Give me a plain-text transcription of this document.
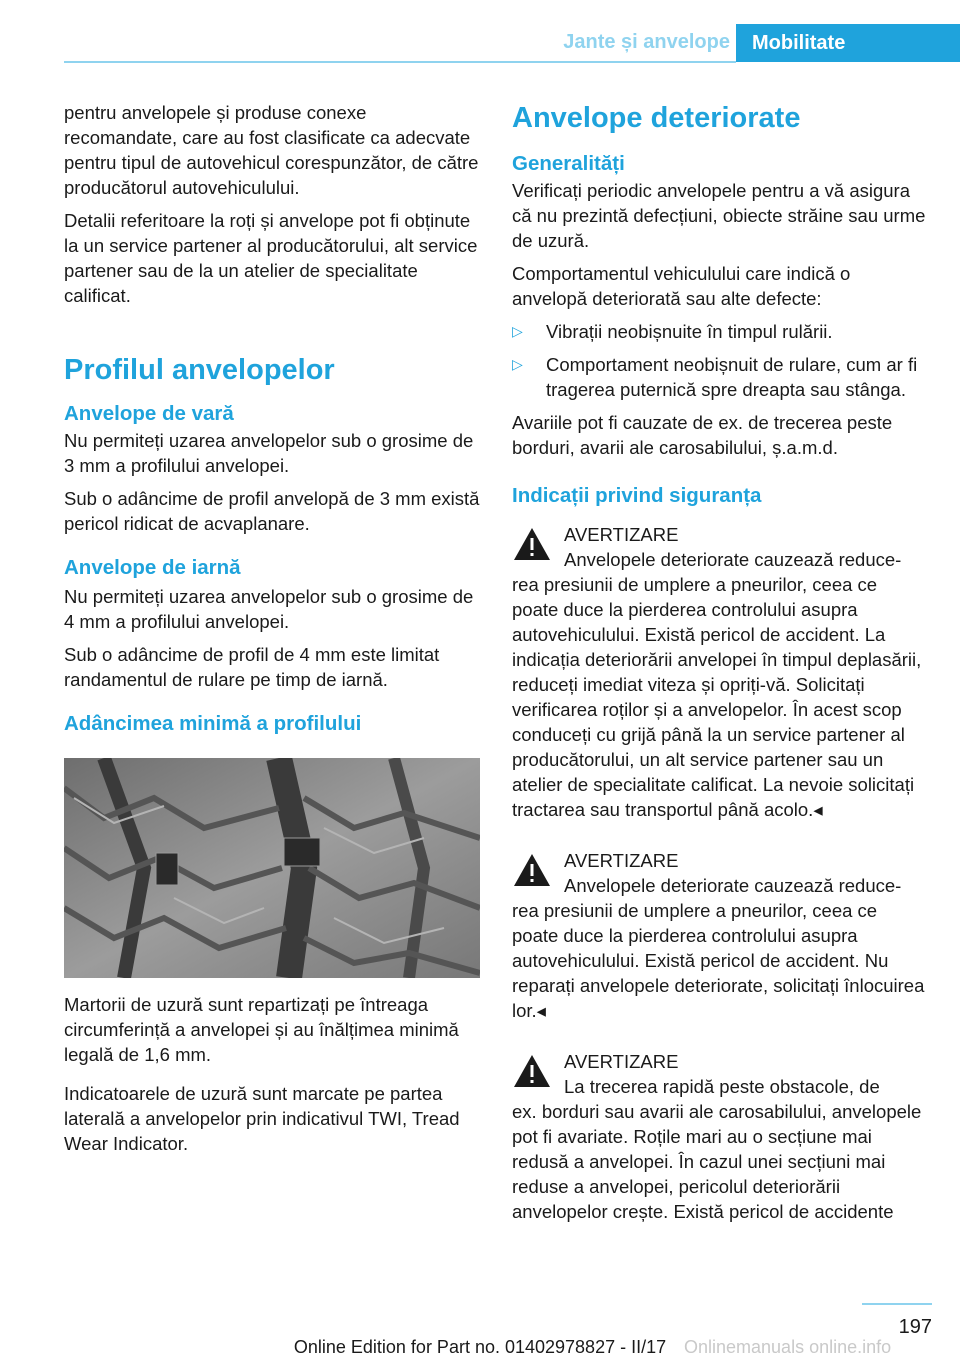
Jante și anvelope	Mobilitate

pentru anvelopele și produse conexe recomandate, care au fost clasificate ca adecvate pentru tipul de autovehicul corespunzător, de către producătorul autovehiculului.

Detalii referitoare la roți și anvelope pot fi obținute la un service partener al producătorului, alt service partener sau de la un atelier de specialitate calificat.

Profilul anvelopelor
Anvelope de vară

Nu permiteți uzarea anvelopelor sub o grosime de 3 mm a profilului anvelopei.

Sub o adâncime de profil anvelopă de 3 mm există pericol ridicat de acvaplanare.

Anvelope de iarnă

Nu permiteți uzarea anvelopelor sub o grosime de 4 mm a profilului anvelopei.

Sub o adâncime de profil de 4 mm este limitat randamentul de rulare pe timp de iarnă.

Adâncimea minimă a profilului

Martorii de uzură sunt repartizați pe întreaga circumferință a anvelopei și au înălțimea minimă legală de 1,6 mm.

Indicatoarele de uzură sunt marcate pe partea laterală a anvelopelor prin indicativul TWI, Tread Wear Indicator.

Anvelope deteriorate
Generalități

Verificați periodic anvelopele pentru a vă asigura că nu prezintă defecțiuni, obiecte străine sau urme de uzură.

Comportamentul vehiculului care indică o anvelopă deteriorată sau alte defecte:

▷	Vibrații neobișnuite în timpul rulării.
▷	Comportament neobișnuit de rulare, cum ar fi tragerea puternică spre dreapta sau stânga.

Avariile pot fi cauzate de ex. de trecerea peste borduri, avarii ale carosabilului, ș.a.m.d.

Indicații privind siguranța
AVERTIZARE
Anvelopele deteriorate cauzează reduce-
rea presiunii de umplere a pneurilor, ceea ce poate duce la pierderea controlului asupra autovehiculului. Există pericol de accident. La indicația deteriorării anvelopei în timpul deplasării, reduceți imediat viteza și opriți-vă. Solicitați verificarea roților și a anvelopelor. În acest scop conduceți cu grijă până la un service partener al producătorului, un alt service partener sau un atelier de specialitate calificat. La nevoie solicitați tractarea sau transportul până acolo.◂
AVERTIZARE
Anvelopele deteriorate cauzează reduce-
rea presiunii de umplere a pneurilor, ceea ce poate duce la pierderea controlului asupra autovehiculului. Există pericol de accident. Nu reparați anvelopele deteriorate, solicitați înlocuirea lor.◂
AVERTIZARE
La trecerea rapidă peste obstacole, de
ex. borduri sau avarii ale carosabilului, anvelopele pot fi avariate. Roțile mari au o secțiune mai redusă a anvelopei. În cazul unei secțiuni mai reduse a anvelopei, pericolul deteriorării anvelopelor crește. Există pericol de accidente
197
Onlinemanuals online.info
Online Edition for Part no. 01402978827 - II/17
